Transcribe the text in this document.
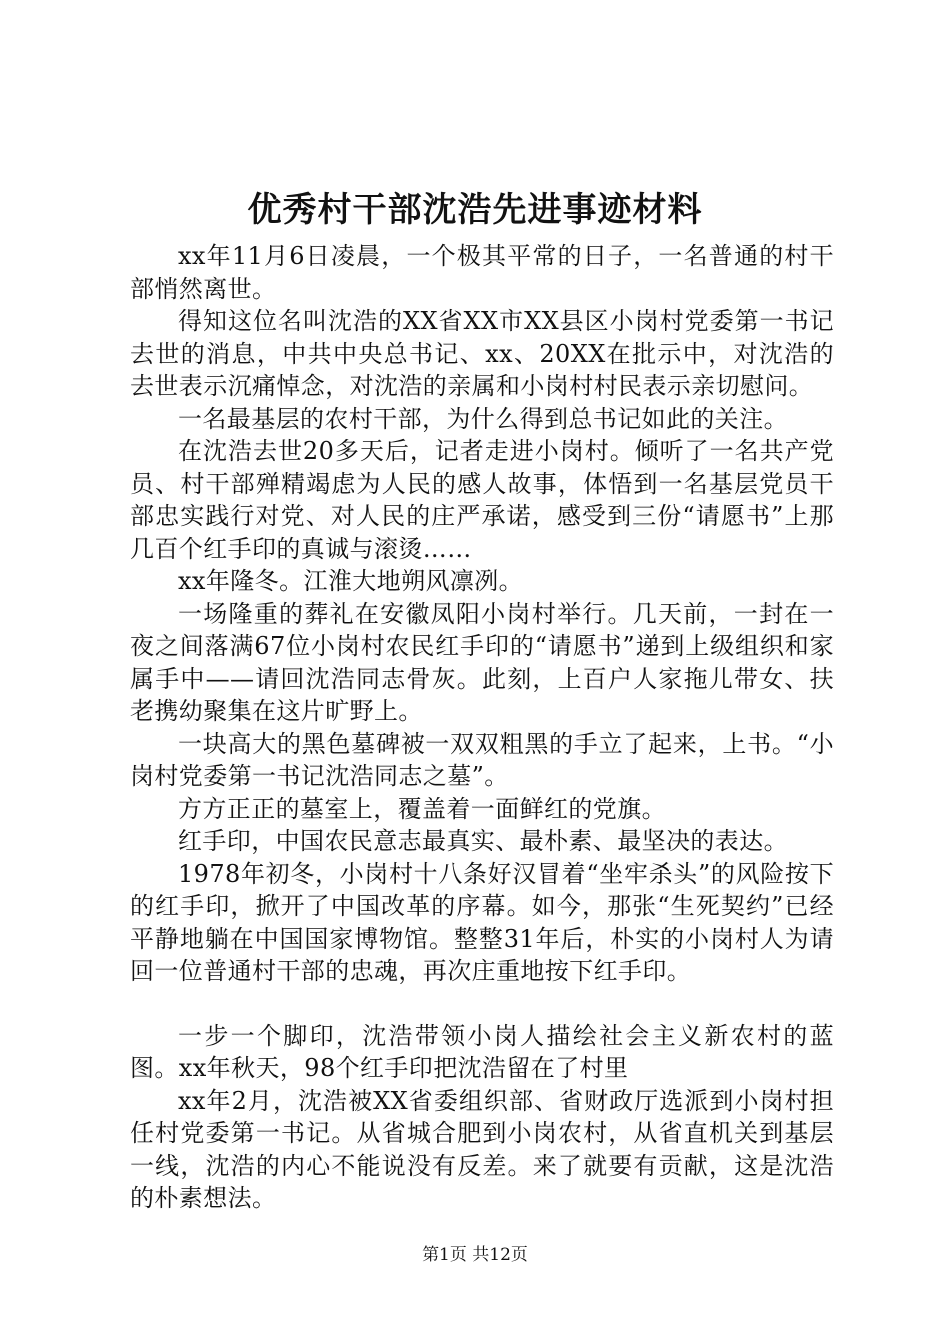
优秀村干部沈浩先进事迹材料

xx年11月6日凌晨，一个极其平常的日子，一名普通的村干部悄然离世。

得知这位名叫沈浩的XX省XX市XX县区小岗村党委第一书记去世的消息，中共中央总书记、xx、20XX在批示中，对沈浩的去世表示沉痛悼念，对沈浩的亲属和小岗村村民表示亲切慰问。

一名最基层的农村干部，为什么得到总书记如此的关注。

在沈浩去世20多天后，记者走进小岗村。倾听了一名共产党员、村干部殚精竭虑为人民的感人故事，体悟到一名基层党员干部忠实践行对党、对人民的庄严承诺，感受到三份“请愿书”上那几百个红手印的真诚与滚烫……

xx年隆冬。江淮大地朔风凛冽。

一场隆重的葬礼在安徽凤阳小岗村举行。几天前，一封在一夜之间落满67位小岗村农民红手印的“请愿书”递到上级组织和家属手中——请回沈浩同志骨灰。此刻，上百户人家拖儿带女、扶老携幼聚集在这片旷野上。

一块高大的黑色墓碑被一双双粗黑的手立了起来，上书。“小岗村党委第一书记沈浩同志之墓”。

方方正正的墓室上，覆盖着一面鲜红的党旗。

红手印，中国农民意志最真实、最朴素、最坚决的表达。

1978年初冬，小岗村十八条好汉冒着“坐牢杀头”的风险按下的红手印，掀开了中国改革的序幕。如今，那张“生死契约”已经平静地躺在中国国家博物馆。整整31年后，朴实的小岗村人为请回一位普通村干部的忠魂，再次庄重地按下红手印。

一步一个脚印，沈浩带领小岗人描绘社会主义新农村的蓝图。xx年秋天，98个红手印把沈浩留在了村里

xx年2月，沈浩被XX省委组织部、省财政厅选派到小岗村担任村党委第一书记。从省城合肥到小岗农村，从省直机关到基层一线，沈浩的内心不能说没有反差。来了就要有贡献，这是沈浩的朴素想法。

第1页 共12页
